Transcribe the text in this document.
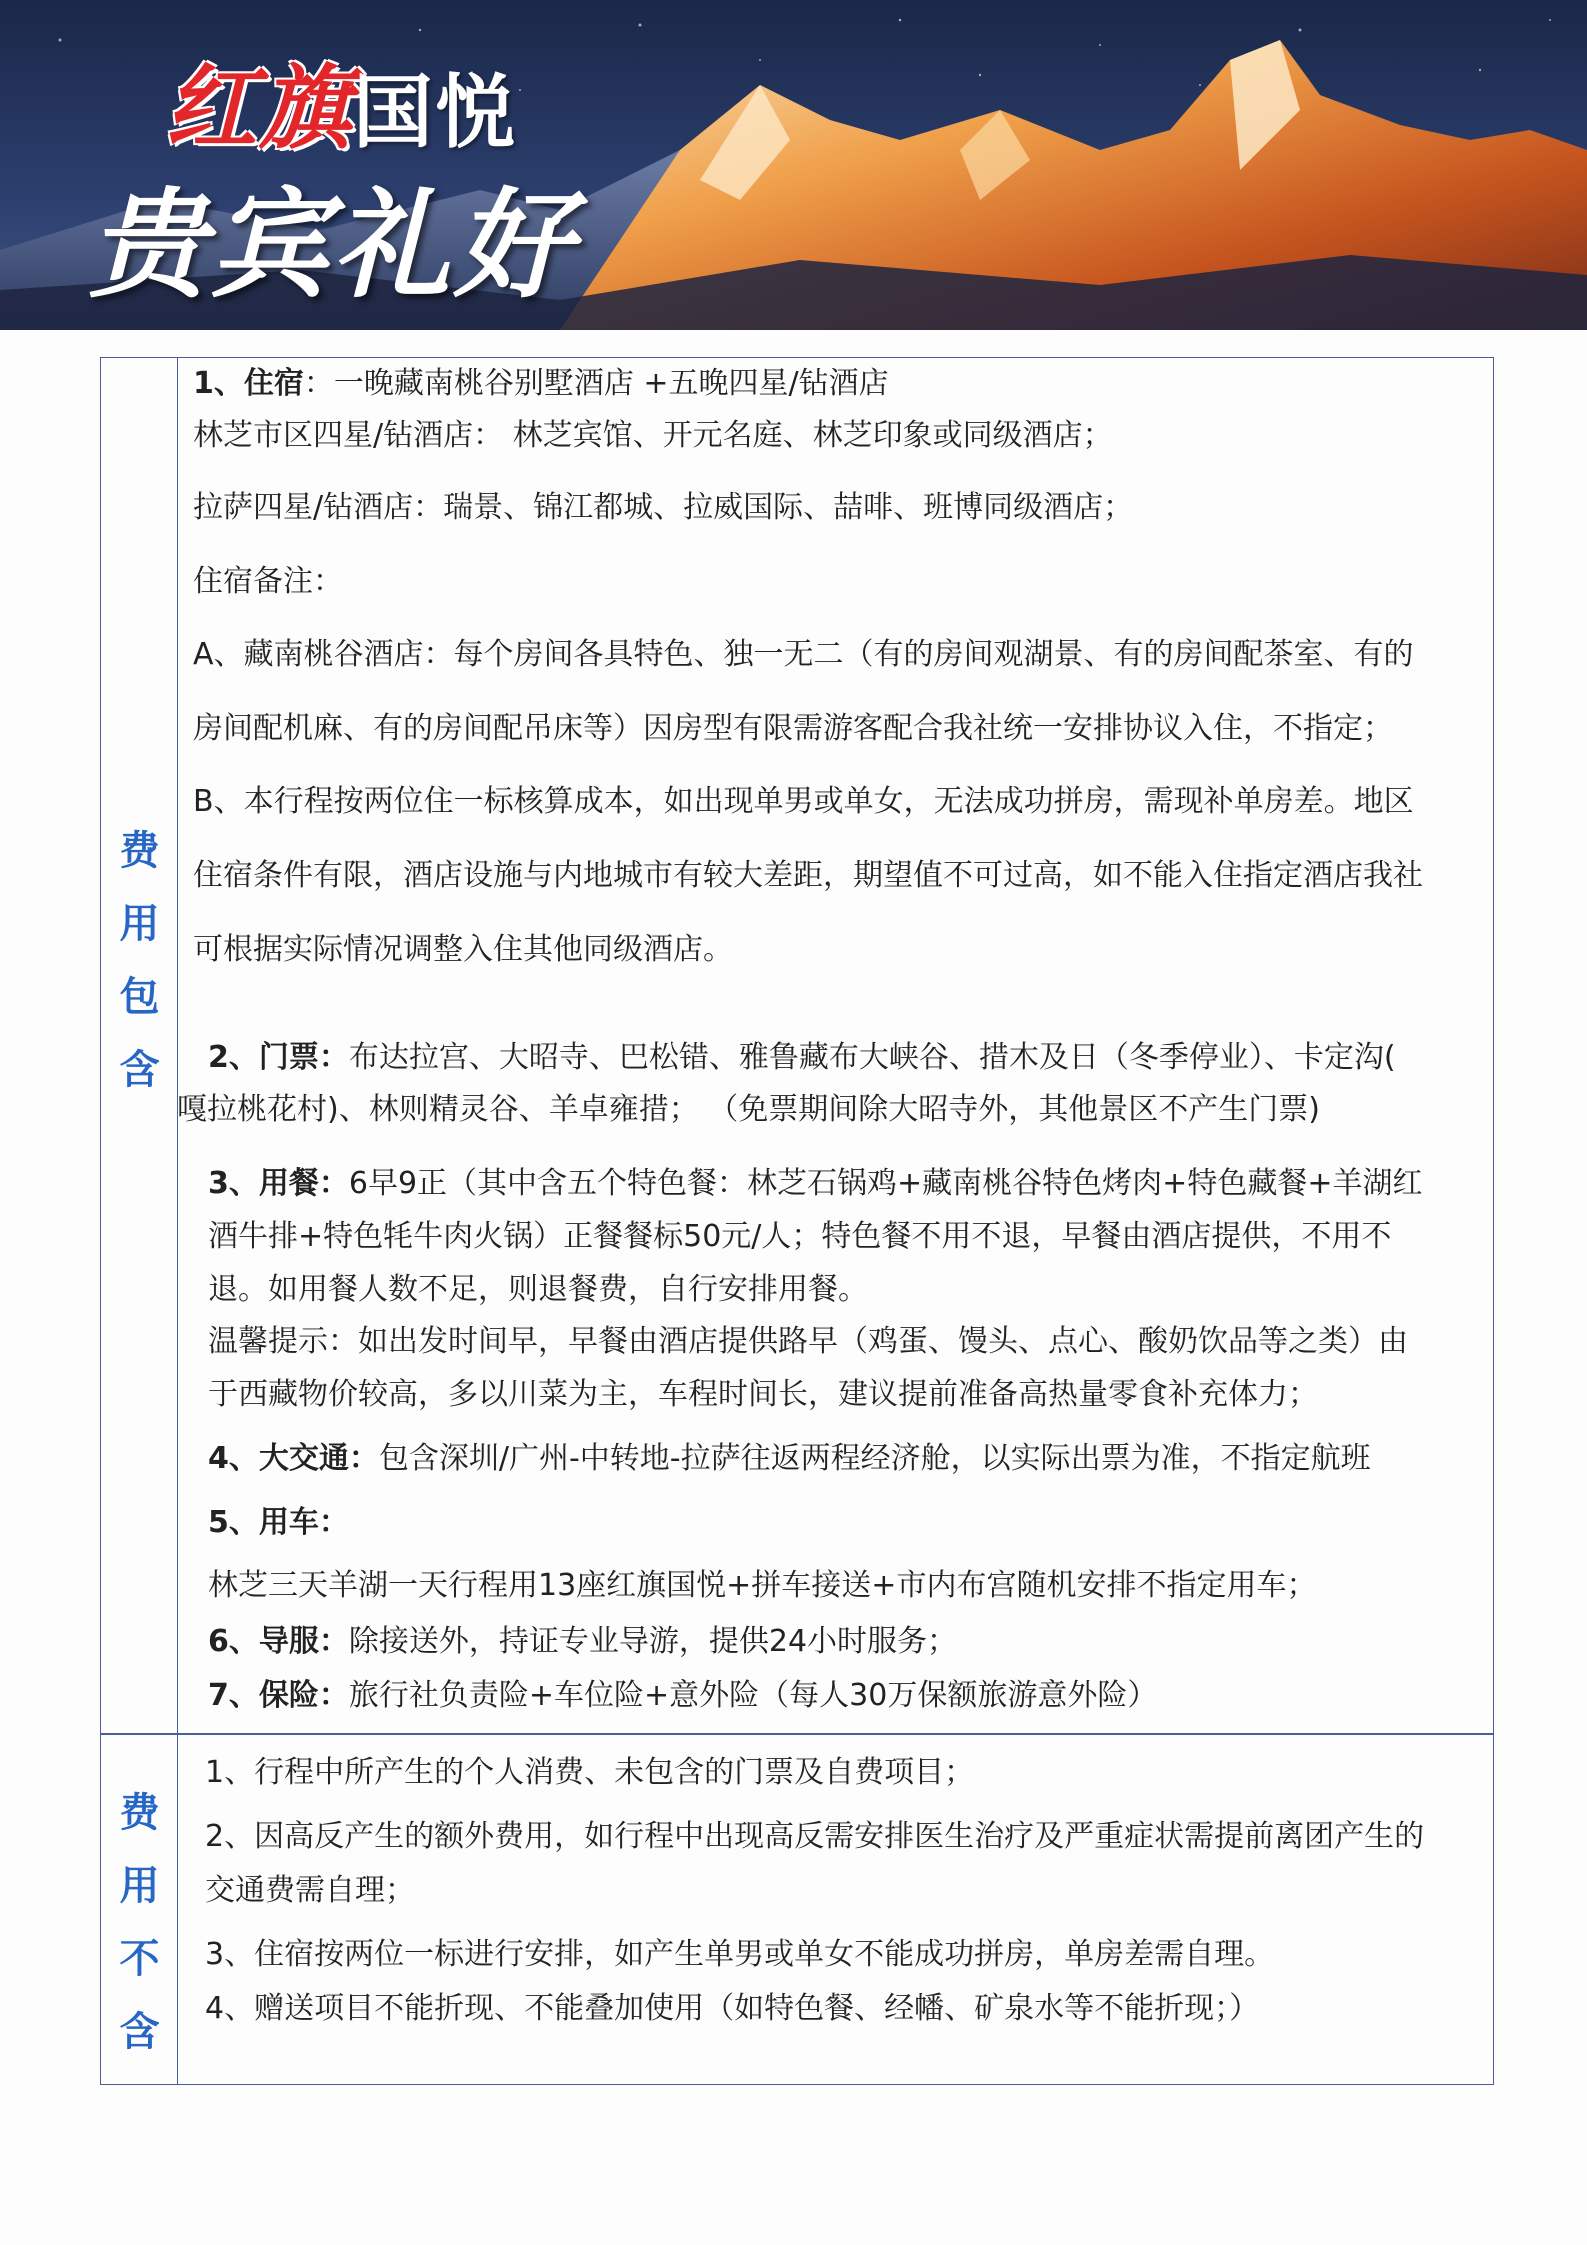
红旗国悦
贵宾礼好
费
用
包
含
1、住宿：一晚藏南桃谷别墅酒店 +五晚四星/钻酒店
林芝市区四星/钻酒店： 林芝宾馆、开元名庭、林芝印象或同级酒店；
拉萨四星/钻酒店：瑞景、锦江都城、拉威国际、喆啡、班博同级酒店；
住宿备注：
A、藏南桃谷酒店：每个房间各具特色、独一无二（有的房间观湖景、有的房间配茶室、有的
房间配机麻、有的房间配吊床等）因房型有限需游客配合我社统一安排协议入住，不指定；
B、本行程按两位住一标核算成本，如出现单男或单女，无法成功拼房，需现补单房差。地区
住宿条件有限，酒店设施与内地城市有较大差距，期望值不可过高，如不能入住指定酒店我社
可根据实际情况调整入住其他同级酒店。
2、门票：布达拉宫、大昭寺、巴松错、雅鲁藏布大峡谷、措木及日（冬季停业）、卡定沟(
嘎拉桃花村)、林则精灵谷、羊卓雍措； （免票期间除大昭寺外，其他景区不产生门票)
3、用餐：6早9正（其中含五个特色餐：林芝石锅鸡+藏南桃谷特色烤肉+特色藏餐+羊湖红
酒牛排+特色牦牛肉火锅）正餐餐标50元/人；特色餐不用不退，早餐由酒店提供，不用不
退。如用餐人数不足，则退餐费，自行安排用餐。
温馨提示：如出发时间早，早餐由酒店提供路早（鸡蛋、馒头、点心、酸奶饮品等之类）由
于西藏物价较高，多以川菜为主，车程时间长，建议提前准备高热量零食补充体力；
4、大交通：包含深圳/广州-中转地-拉萨往返两程经济舱，以实际出票为准，不指定航班
5、用车：
林芝三天羊湖一天行程用13座红旗国悦+拼车接送+市内布宫随机安排不指定用车；
6、导服：除接送外，持证专业导游，提供24小时服务；
7、保险：旅行社负责险+车位险+意外险（每人30万保额旅游意外险）
费
用
不
含
1、行程中所产生的个人消费、未包含的门票及自费项目；
2、因高反产生的额外费用，如行程中出现高反需安排医生治疗及严重症状需提前离团产生的
交通费需自理；
3、住宿按两位一标进行安排，如产生单男或单女不能成功拼房，单房差需自理。
4、赠送项目不能折现、不能叠加使用（如特色餐、经幡、矿泉水等不能折现；）
